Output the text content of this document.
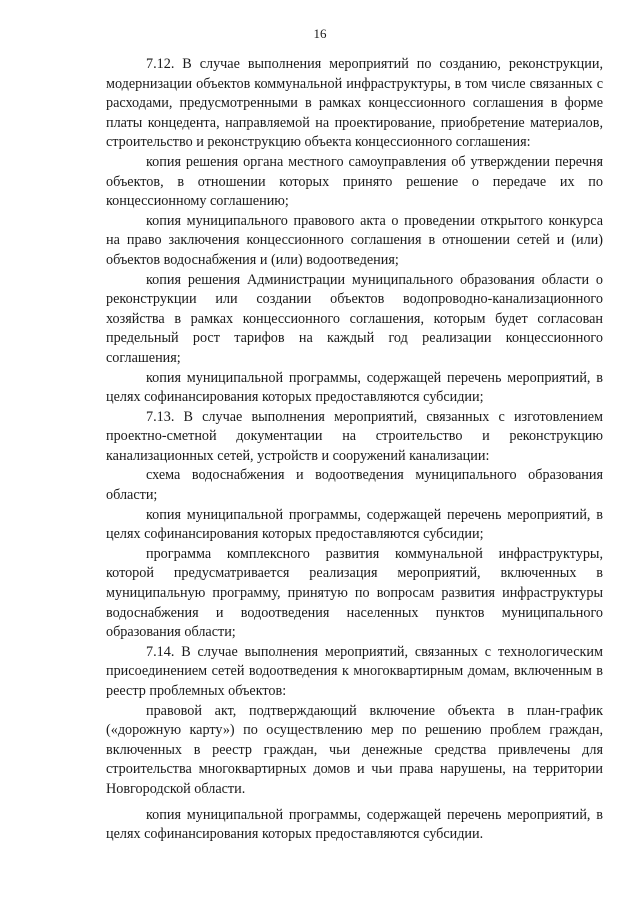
16

7.12. В случае выполнения мероприятий по созданию, реконструкции, модернизации объектов коммунальной инфраструктуры, в том числе связанных с расходами, предусмотренными в рамках концессионного соглашения в форме платы концедента, направляемой на проектирование, приобретение материалов, строительство и реконструкцию объекта концессионного соглашения:

копия решения органа местного самоуправления об утверждении перечня объектов, в отношении которых принято решение о передаче их по концессионному соглашению;

копия муниципального правового акта о проведении открытого конкурса на право заключения концессионного соглашения в отношении сетей и (или) объектов водоснабжения и (или) водоотведения;

копия решения Администрации муниципального образования области о реконструкции или создании объектов водопроводно-канализационного хозяйства в рамках концессионного соглашения, которым будет согласован предельный рост тарифов на каждый год реализации концессионного соглашения;

копия муниципальной программы, содержащей перечень мероприятий, в целях софинансирования которых предоставляются субсидии;

7.13. В случае выполнения мероприятий, связанных с изготовлением проектно-сметной документации на строительство и реконструкцию канализационных сетей, устройств и сооружений канализации:

схема водоснабжения и водоотведения муниципального образования области;

копия муниципальной программы, содержащей перечень мероприятий, в целях софинансирования которых предоставляются субсидии;

программа комплексного развития коммунальной инфраструктуры, которой предусматривается реализация мероприятий, включенных в муниципальную программу, принятую по вопросам развития инфраструктуры водоснабжения и водоотведения населенных пунктов муниципального образования области;

7.14. В случае выполнения мероприятий, связанных с технологическим присоединением сетей водоотведения к многоквартирным домам, включенным в реестр проблемных объектов:

правовой акт, подтверждающий включение объекта в план-график («дорожную карту») по осуществлению мер по решению проблем граждан, включенных в реестр граждан, чьи денежные средства привлечены для строительства многоквартирных домов и чьи права нарушены, на территории Новгородской области.

копия муниципальной программы, содержащей перечень мероприятий, в целях софинансирования которых предоставляются субсидии.
